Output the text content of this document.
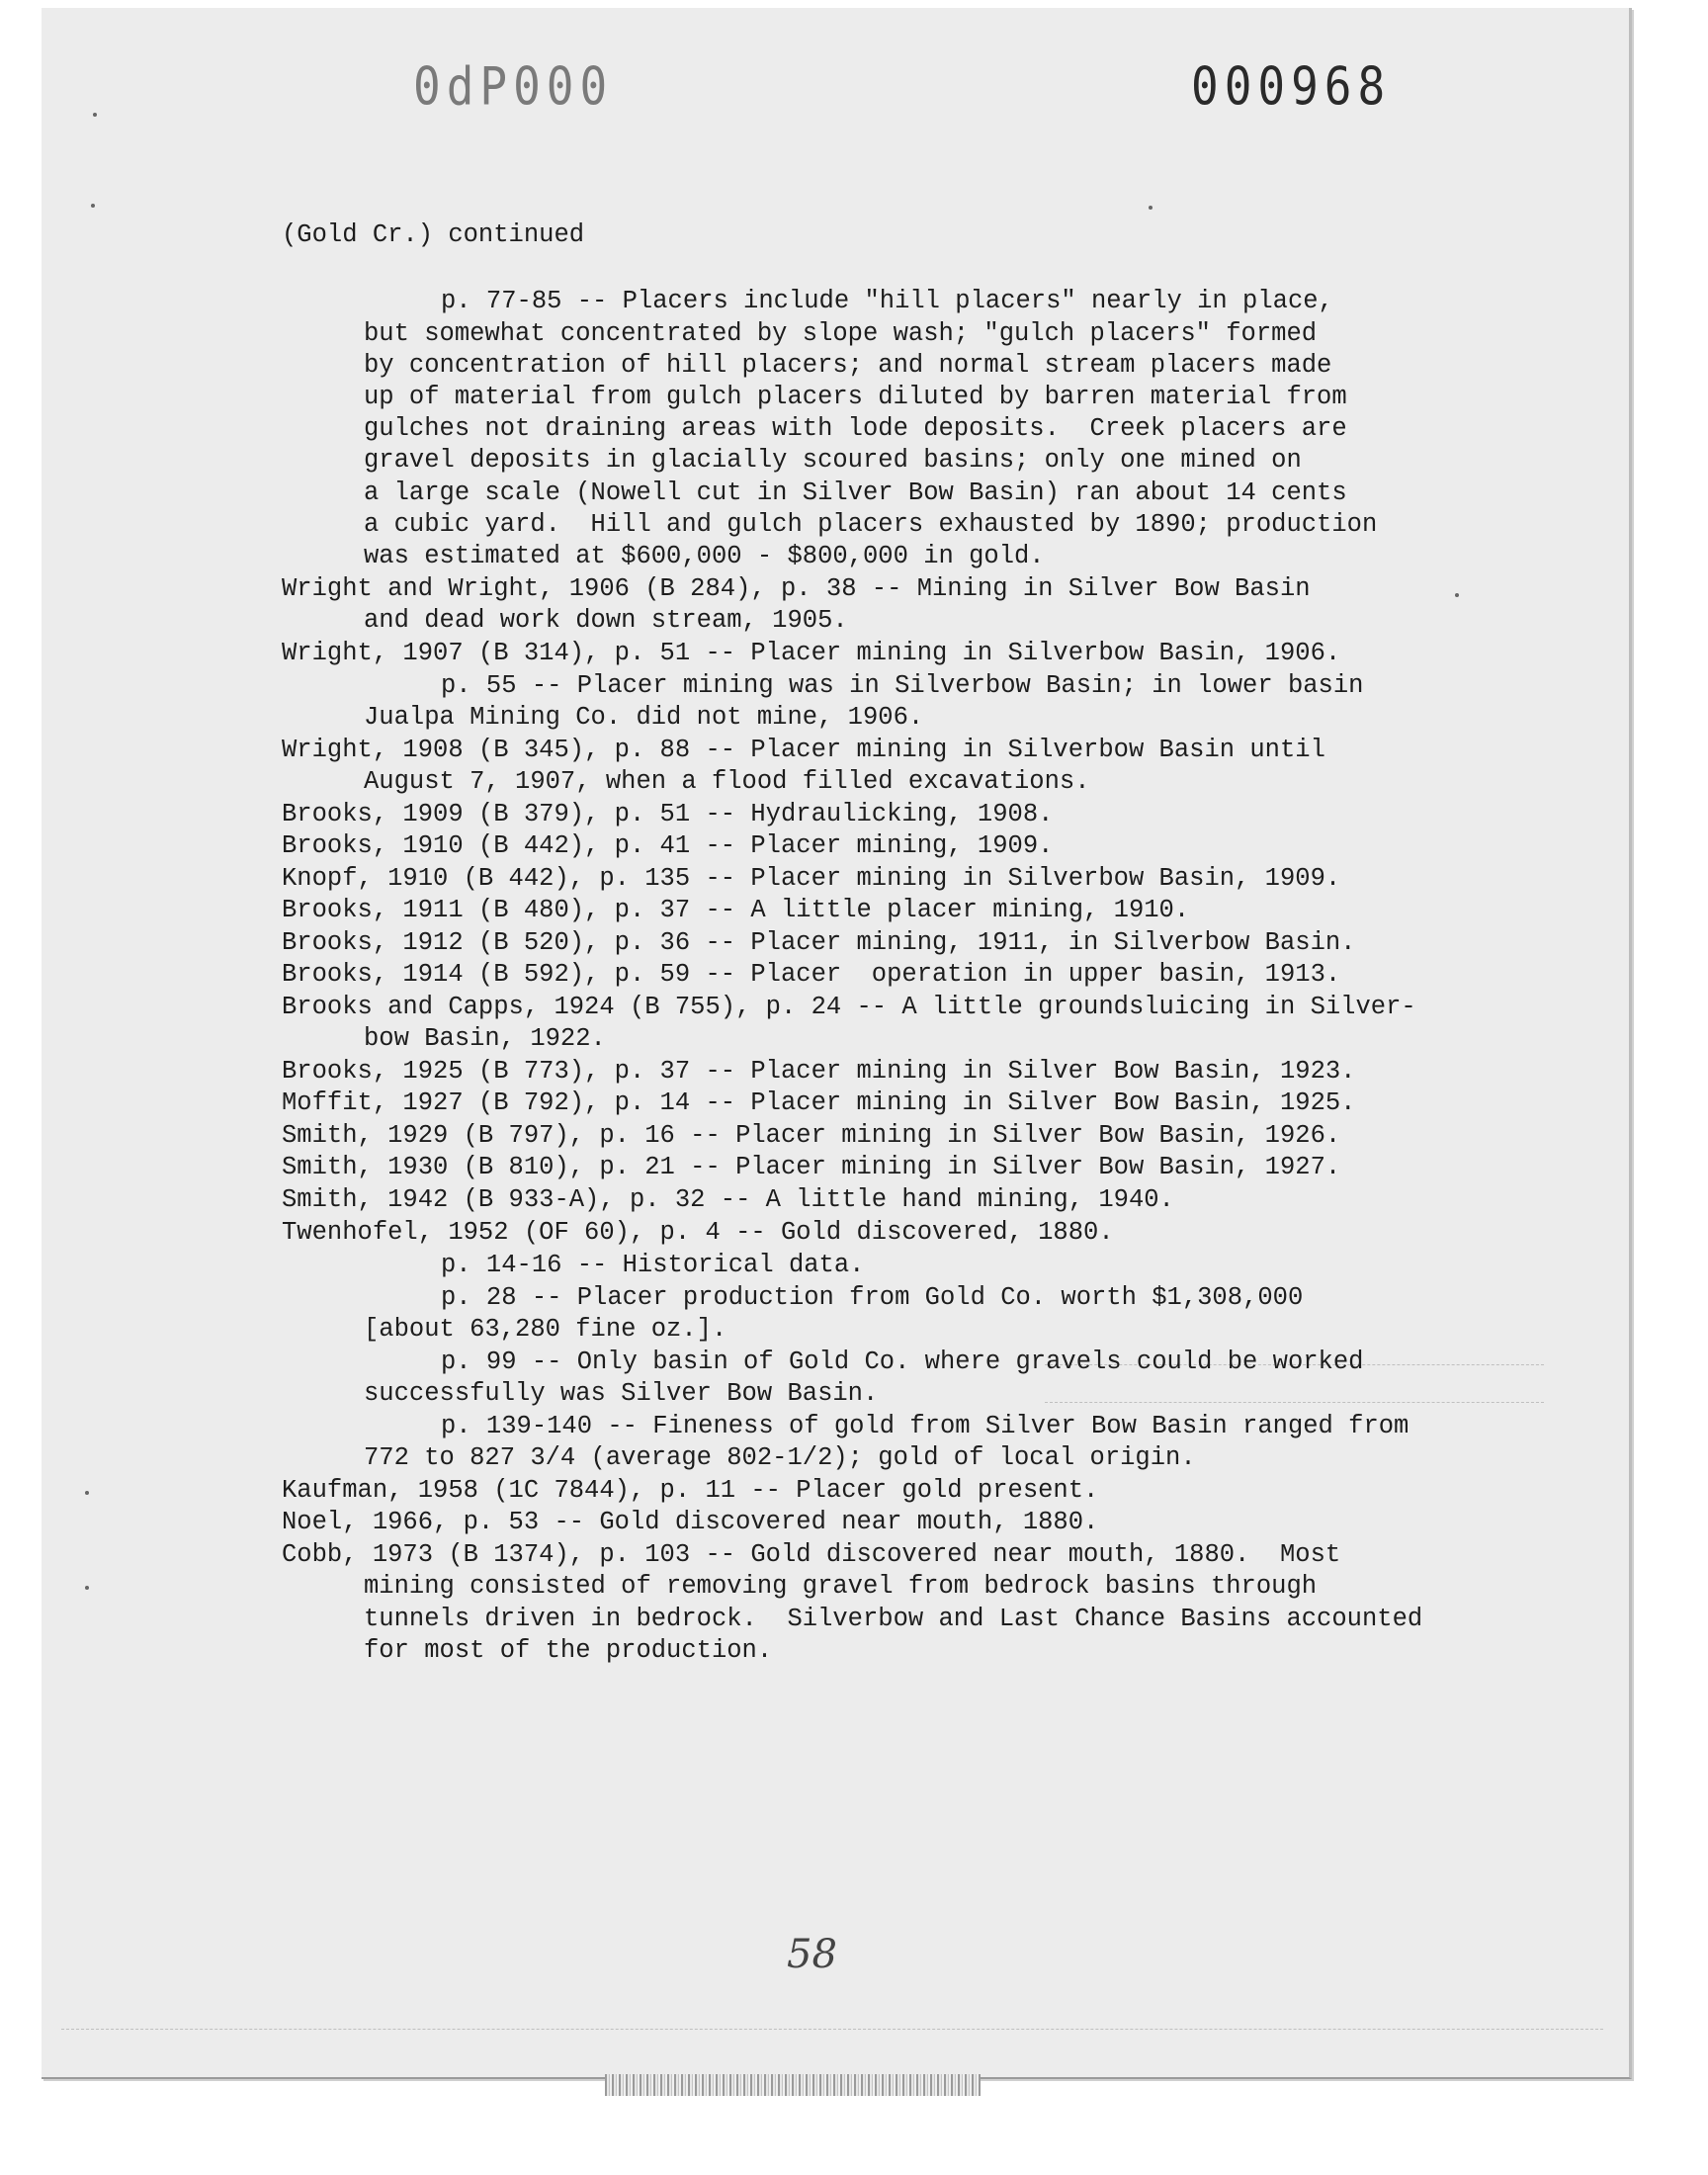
0dP000	000968
(Gold Cr.) continued
p. 77-85 -- Placers include "hill placers" nearly in place,
but somewhat concentrated by slope wash; "gulch placers" formed
by concentration of hill placers; and normal stream placers made
up of material from gulch placers diluted by barren material from
gulches not draining areas with lode deposits.  Creek placers are
gravel deposits in glacially scoured basins; only one mined on
a large scale (Nowell cut in Silver Bow Basin) ran about 14 cents
a cubic yard.  Hill and gulch placers exhausted by 1890; production
was estimated at $600,000 - $800,000 in gold.
Wright and Wright, 1906 (B 284), p. 38 -- Mining in Silver Bow Basin
and dead work down stream, 1905.
Wright, 1907 (B 314), p. 51 -- Placer mining in Silverbow Basin, 1906.
p. 55 -- Placer mining was in Silverbow Basin; in lower basin
Jualpa Mining Co. did not mine, 1906.
Wright, 1908 (B 345), p. 88 -- Placer mining in Silverbow Basin until
August 7, 1907, when a flood filled excavations.
Brooks, 1909 (B 379), p. 51 -- Hydraulicking, 1908.
Brooks, 1910 (B 442), p. 41 -- Placer mining, 1909.
Knopf, 1910 (B 442), p. 135 -- Placer mining in Silverbow Basin, 1909.
Brooks, 1911 (B 480), p. 37 -- A little placer mining, 1910.
Brooks, 1912 (B 520), p. 36 -- Placer mining, 1911, in Silverbow Basin.
Brooks, 1914 (B 592), p. 59 -- Placer  operation in upper basin, 1913.
Brooks and Capps, 1924 (B 755), p. 24 -- A little groundsluicing in Silver-
bow Basin, 1922.
Brooks, 1925 (B 773), p. 37 -- Placer mining in Silver Bow Basin, 1923.
Moffit, 1927 (B 792), p. 14 -- Placer mining in Silver Bow Basin, 1925.
Smith, 1929 (B 797), p. 16 -- Placer mining in Silver Bow Basin, 1926.
Smith, 1930 (B 810), p. 21 -- Placer mining in Silver Bow Basin, 1927.
Smith, 1942 (B 933-A), p. 32 -- A little hand mining, 1940.
Twenhofel, 1952 (OF 60), p. 4 -- Gold discovered, 1880.
p. 14-16 -- Historical data.
p. 28 -- Placer production from Gold Co. worth $1,308,000
[about 63,280 fine oz.].
p. 99 -- Only basin of Gold Co. where gravels could be worked
successfully was Silver Bow Basin.
p. 139-140 -- Fineness of gold from Silver Bow Basin ranged from
772 to 827 3/4 (average 802-1/2); gold of local origin.
Kaufman, 1958 (1C 7844), p. 11 -- Placer gold present.
Noel, 1966, p. 53 -- Gold discovered near mouth, 1880.
Cobb, 1973 (B 1374), p. 103 -- Gold discovered near mouth, 1880.  Most
mining consisted of removing gravel from bedrock basins through
tunnels driven in bedrock.  Silverbow and Last Chance Basins accounted
for most of the production.
58
